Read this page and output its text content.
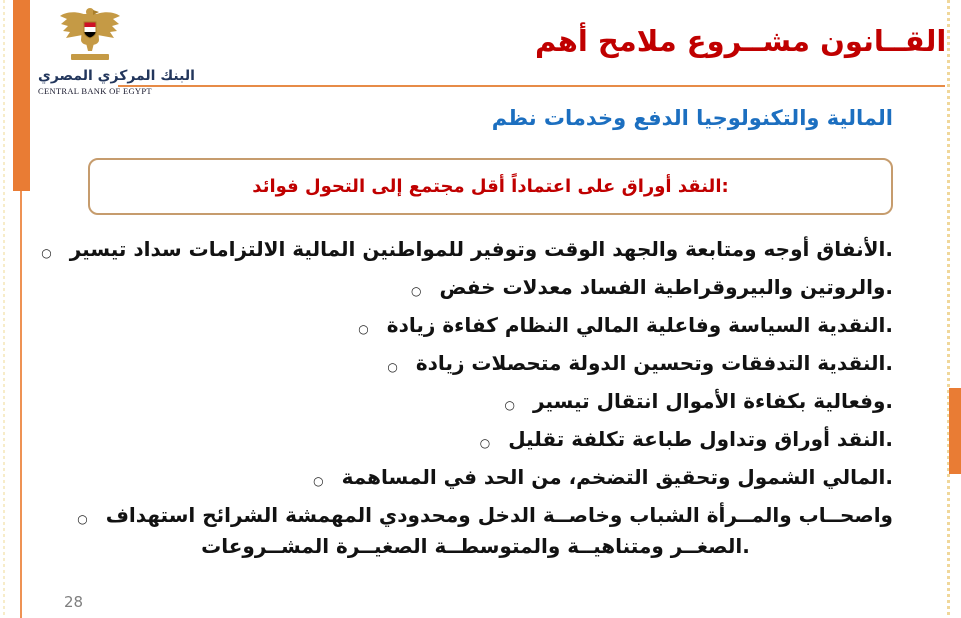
البنك المركزي المصري
CENTRAL BANK OF EGYPT
القــانون مشــروع ملامح أهم
المالية والتكنولوجيا الدفع وخدمات نظم
النقد أوراق على اعتماداً أقل مجتمع إلى التحول فوائد‎:
○ الأنفاق أوجه ومتابعة والجهد الوقت وتوفير للمواطنين المالية الالتزامات سداد تيسير‎.
○ والروتين والبيروقراطية الفساد معدلات خفض‎.
○ النقدية السياسة وفاعلية المالي النظام كفاءة زيادة‎.
○ النقدية التدفقات وتحسين الدولة متحصلات زيادة‎.
○ وفعالية بكفاءة الأموال انتقال تيسير‎.
○ النقد أوراق وتداول طباعة تكلفة تقليل‎.
○ المالي الشمول وتحقيق التضخم، من الحد في المساهمة‎.
○ واصحــاب والمــرأة الشباب وخاصــة الدخل ومحدودي المهمشة الشرائح استهداف
الصغــر ومتناهيــة والمتوسطــة الصغيــرة المشــروعات‎.
28
